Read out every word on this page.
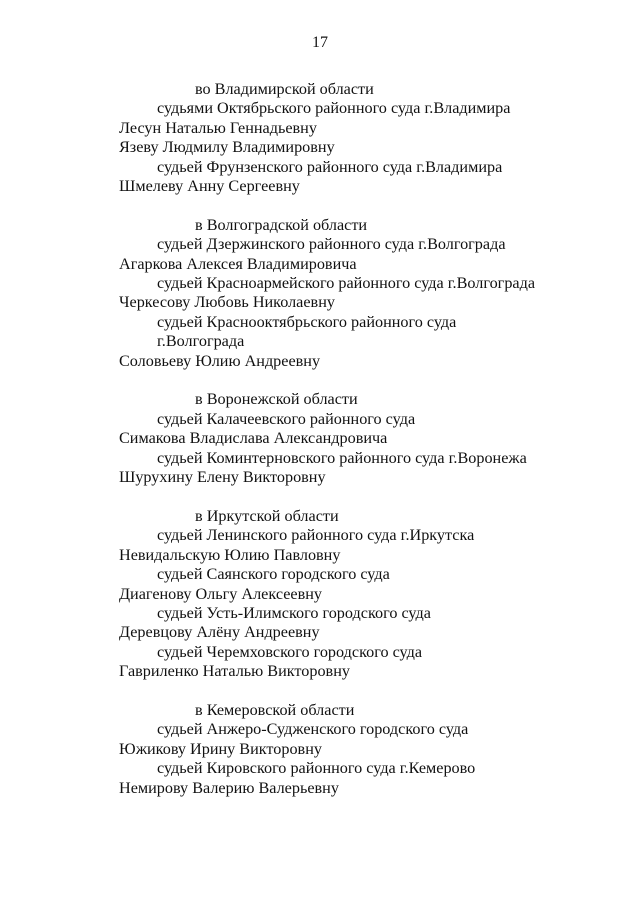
17
во Владимирской области
судьями Октябрьского районного суда г.Владимира
Лесун Наталью Геннадьевну
Язеву Людмилу Владимировну
судьей Фрунзенского районного суда г.Владимира
Шмелеву Анну Сергеевну
в Волгоградской области
судьей Дзержинского районного суда г.Волгограда
Агаркова Алексея Владимировича
судьей Красноармейского районного суда г.Волгограда
Черкесову Любовь Николаевну
судьей Краснооктябрьского районного суда
г.Волгограда
Соловьеву Юлию Андреевну
в Воронежской области
судьей Калачеевского районного суда
Симакова Владислава Александровича
судьей Коминтерновского районного суда г.Воронежа
Шурухину Елену Викторовну
в Иркутской области
судьей Ленинского районного суда г.Иркутска
Невидальскую Юлию Павловну
судьей Саянского городского суда
Диагенову Ольгу Алексеевну
судьей Усть-Илимского городского суда
Деревцову Алёну Андреевну
судьей Черемховского городского суда
Гавриленко Наталью Викторовну
в Кемеровской области
судьей Анжеро-Судженского городского суда
Южикову Ирину Викторовну
судьей Кировского районного суда г.Кемерово
Немирову Валерию Валерьевну
